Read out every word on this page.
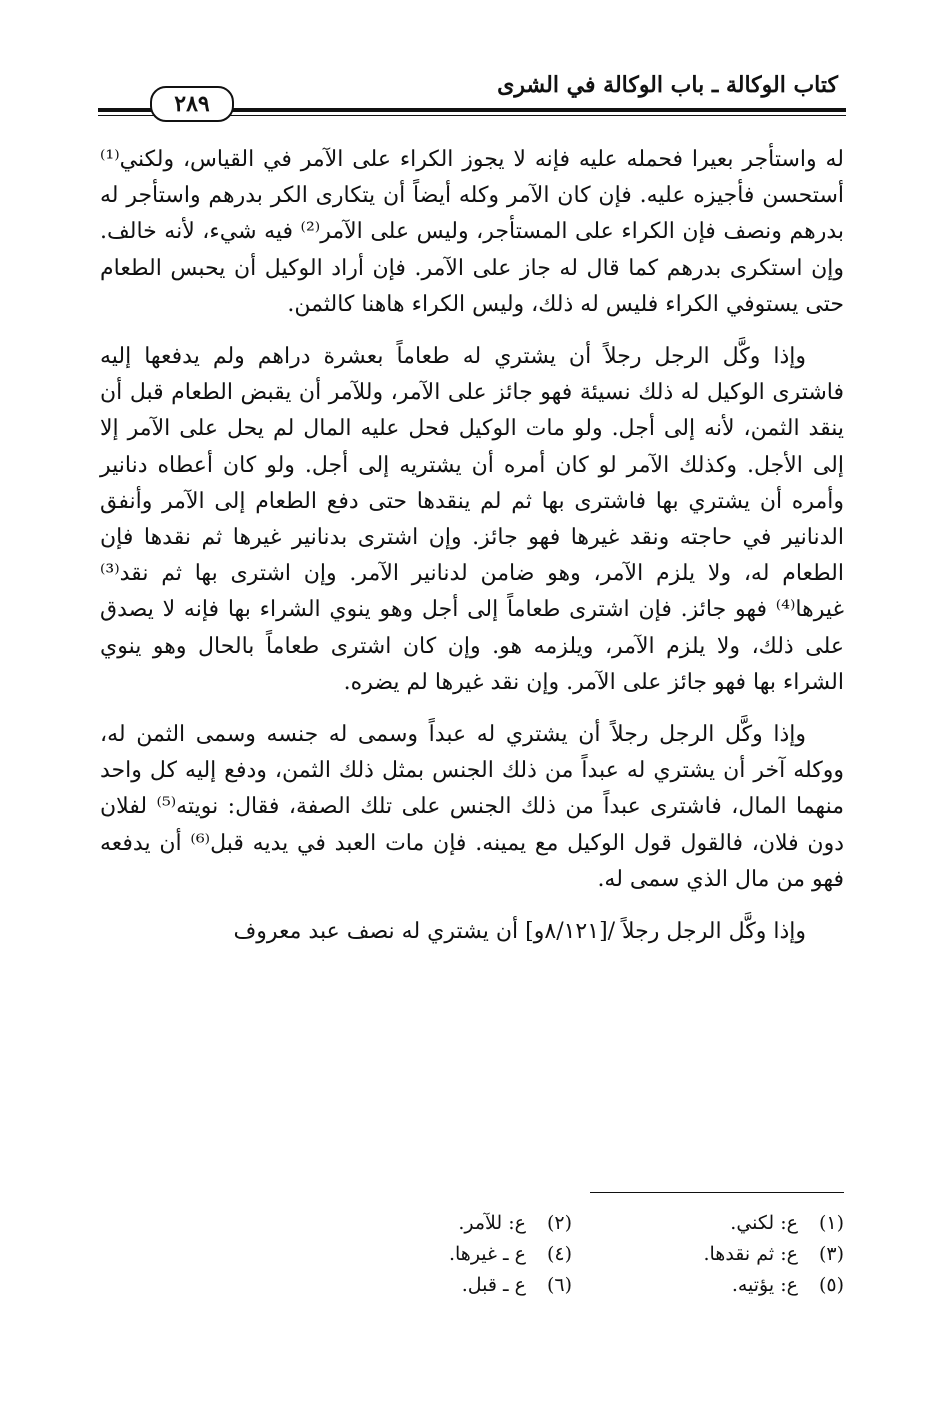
كتاب الوكالة ـ باب الوكالة في الشرى
٢٨٩

له واستأجر بعيرا فحمله عليه فإنه لا يجوز الكراء على الآمر في القياس، ولكني⁽¹⁾ أستحسن فأجيزه عليه. فإن كان الآمر وكله أيضاً أن يتكارى الكر بدرهم واستأجر له بدرهم ونصف فإن الكراء على المستأجر، وليس على الآمر⁽²⁾ فيه شيء، لأنه خالف. وإن استكرى بدرهم كما قال له جاز على الآمر. فإن أراد الوكيل أن يحبس الطعام حتى يستوفي الكراء فليس له ذلك، وليس الكراء هاهنا كالثمن.

وإذا وكَّل الرجل رجلاً أن يشتري له طعاماً بعشرة دراهم ولم يدفعها إليه فاشترى الوكيل له ذلك نسيئة فهو جائز على الآمر، وللآمر أن يقبض الطعام قبل أن ينقد الثمن، لأنه إلى أجل. ولو مات الوكيل فحل عليه المال لم يحل على الآمر إلا إلى الأجل. وكذلك الآمر لو كان أمره أن يشتريه إلى أجل. ولو كان أعطاه دنانير وأمره أن يشتري بها فاشترى بها ثم لم ينقدها حتى دفع الطعام إلى الآمر وأنفق الدنانير في حاجته ونقد غيرها فهو جائز. وإن اشترى بدنانير غيرها ثم نقدها فإن الطعام له، ولا يلزم الآمر، وهو ضامن لدنانير الآمر. وإن اشترى بها ثم نقد⁽³⁾ غيرها⁽⁴⁾ فهو جائز. فإن اشترى طعاماً إلى أجل وهو ينوي الشراء بها فإنه لا يصدق على ذلك، ولا يلزم الآمر، ويلزمه هو. وإن كان اشترى طعاماً بالحال وهو ينوي الشراء بها فهو جائز على الآمر. وإن نقد غيرها لم يضره.

وإذا وكَّل الرجل رجلاً أن يشتري له عبداً وسمى له جنسه وسمى الثمن له، ووكله آخر أن يشتري له عبداً من ذلك الجنس بمثل ذلك الثمن، ودفع إليه كل واحد منهما المال، فاشترى عبداً من ذلك الجنس على تلك الصفة، فقال: نويته⁽⁵⁾ لفلان دون فلان، فالقول قول الوكيل مع يمينه. فإن مات العبد في يديه قبل⁽⁶⁾ أن يدفعه فهو من مال الذي سمى له.

وإذا وكَّل الرجل رجلاً /[٨/١٢١و] أن يشتري له نصف عبد معروف

(١) ع: لكني.
(٢) ع: للآمر.
(٣) ع: ثم نقدها.
(٤) ع ـ غيرها.
(٥) ع: يؤتيه.
(٦) ع ـ قبل.
